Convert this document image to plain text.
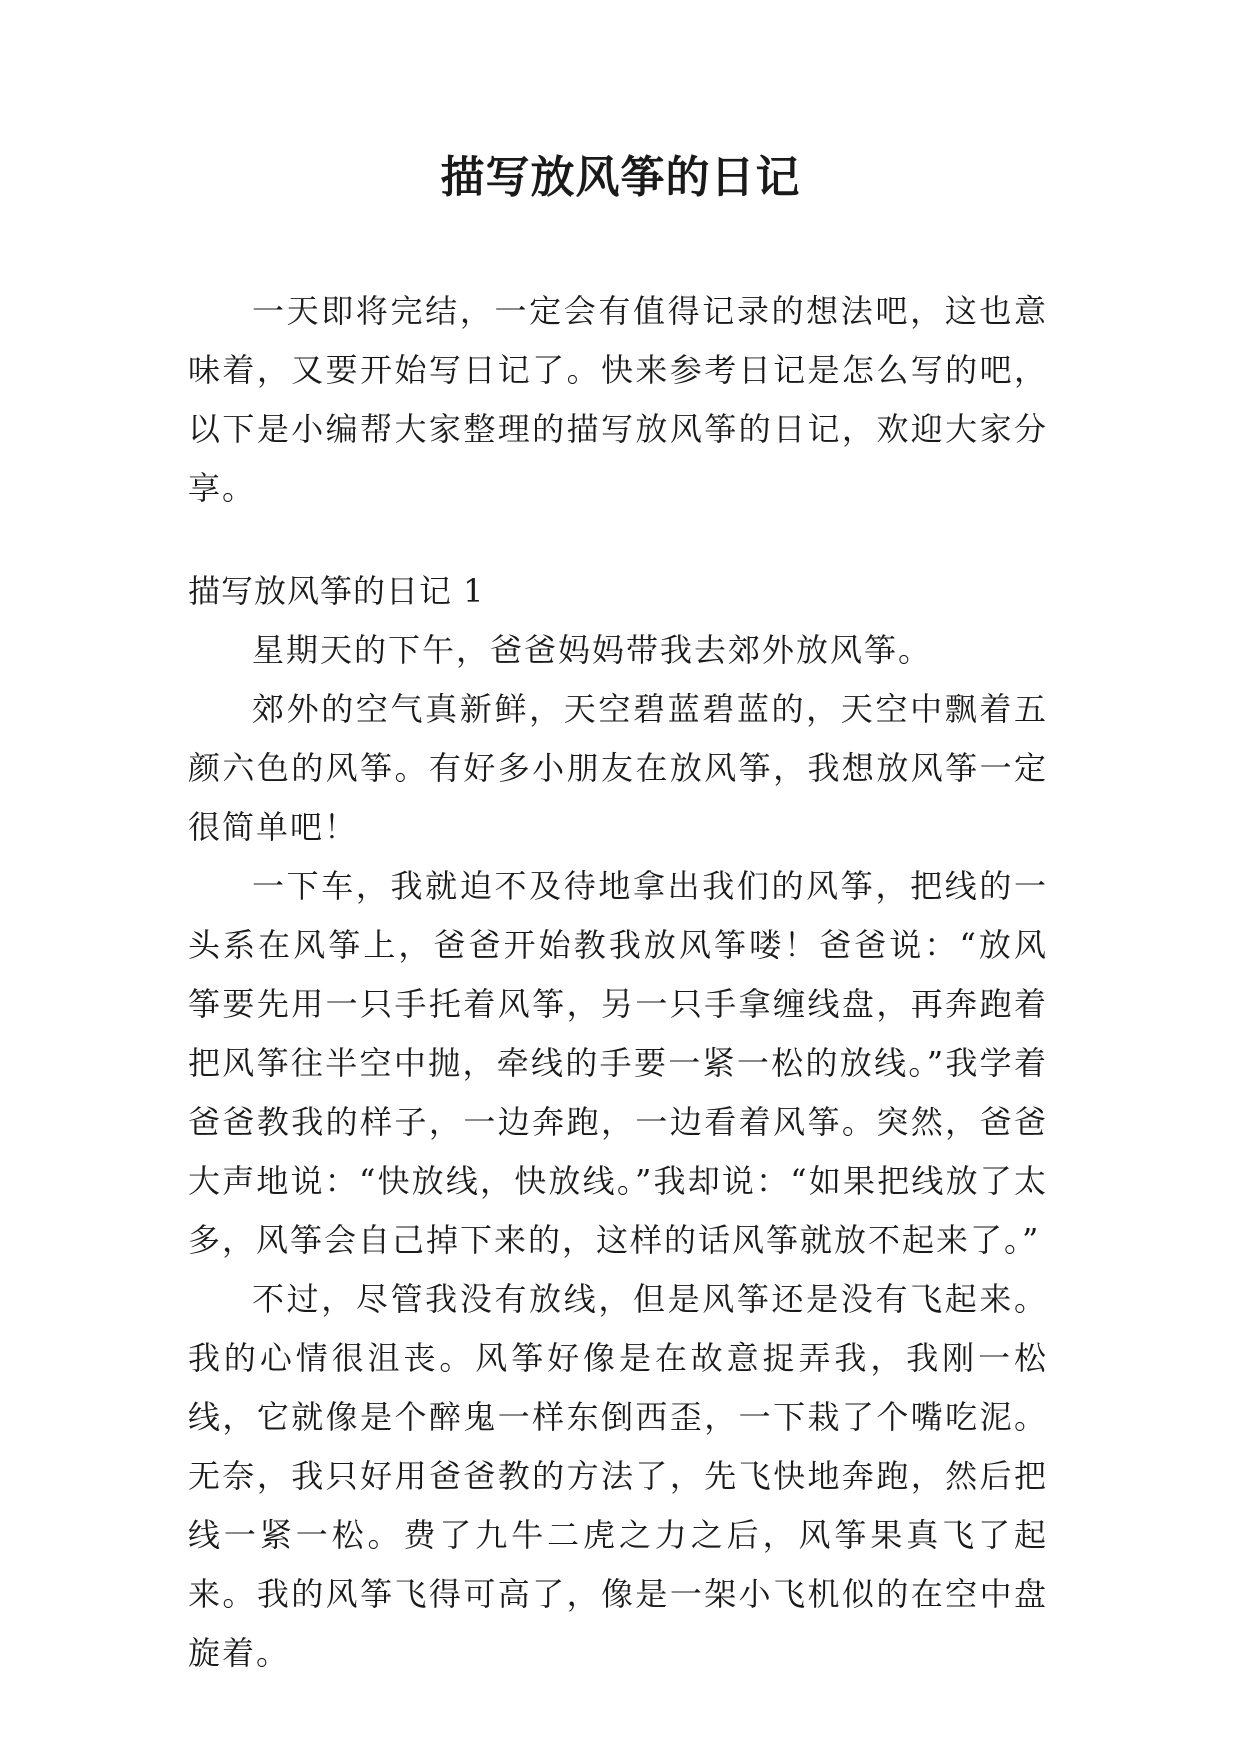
描写放风筝的日记

一天即将完结，一定会有值得记录的想法吧，这也意味着，又要开始写日记了。快来参考日记是怎么写的吧，以下是小编帮大家整理的描写放风筝的日记，欢迎大家分享。

描写放风筝的日记 1

星期天的下午，爸爸妈妈带我去郊外放风筝。

郊外的空气真新鲜，天空碧蓝碧蓝的，天空中飘着五颜六色的风筝。有好多小朋友在放风筝，我想放风筝一定很简单吧！

一下车，我就迫不及待地拿出我们的风筝，把线的一头系在风筝上，爸爸开始教我放风筝喽！爸爸说：“放风筝要先用一只手托着风筝，另一只手拿缠线盘，再奔跑着把风筝往半空中抛，牵线的手要一紧一松的放线。”我学着爸爸教我的样子，一边奔跑，一边看着风筝。突然，爸爸大声地说：“快放线，快放线。”我却说：“如果把线放了太多，风筝会自己掉下来的，这样的话风筝就放不起来了。”

不过，尽管我没有放线，但是风筝还是没有飞起来。我的心情很沮丧。风筝好像是在故意捉弄我，我刚一松线，它就像是个醉鬼一样东倒西歪，一下栽了个嘴吃泥。无奈，我只好用爸爸教的方法了，先飞快地奔跑，然后把线一紧一松。费了九牛二虎之力之后，风筝果真飞了起来。我的风筝飞得可高了，像是一架小飞机似的在空中盘旋着。
